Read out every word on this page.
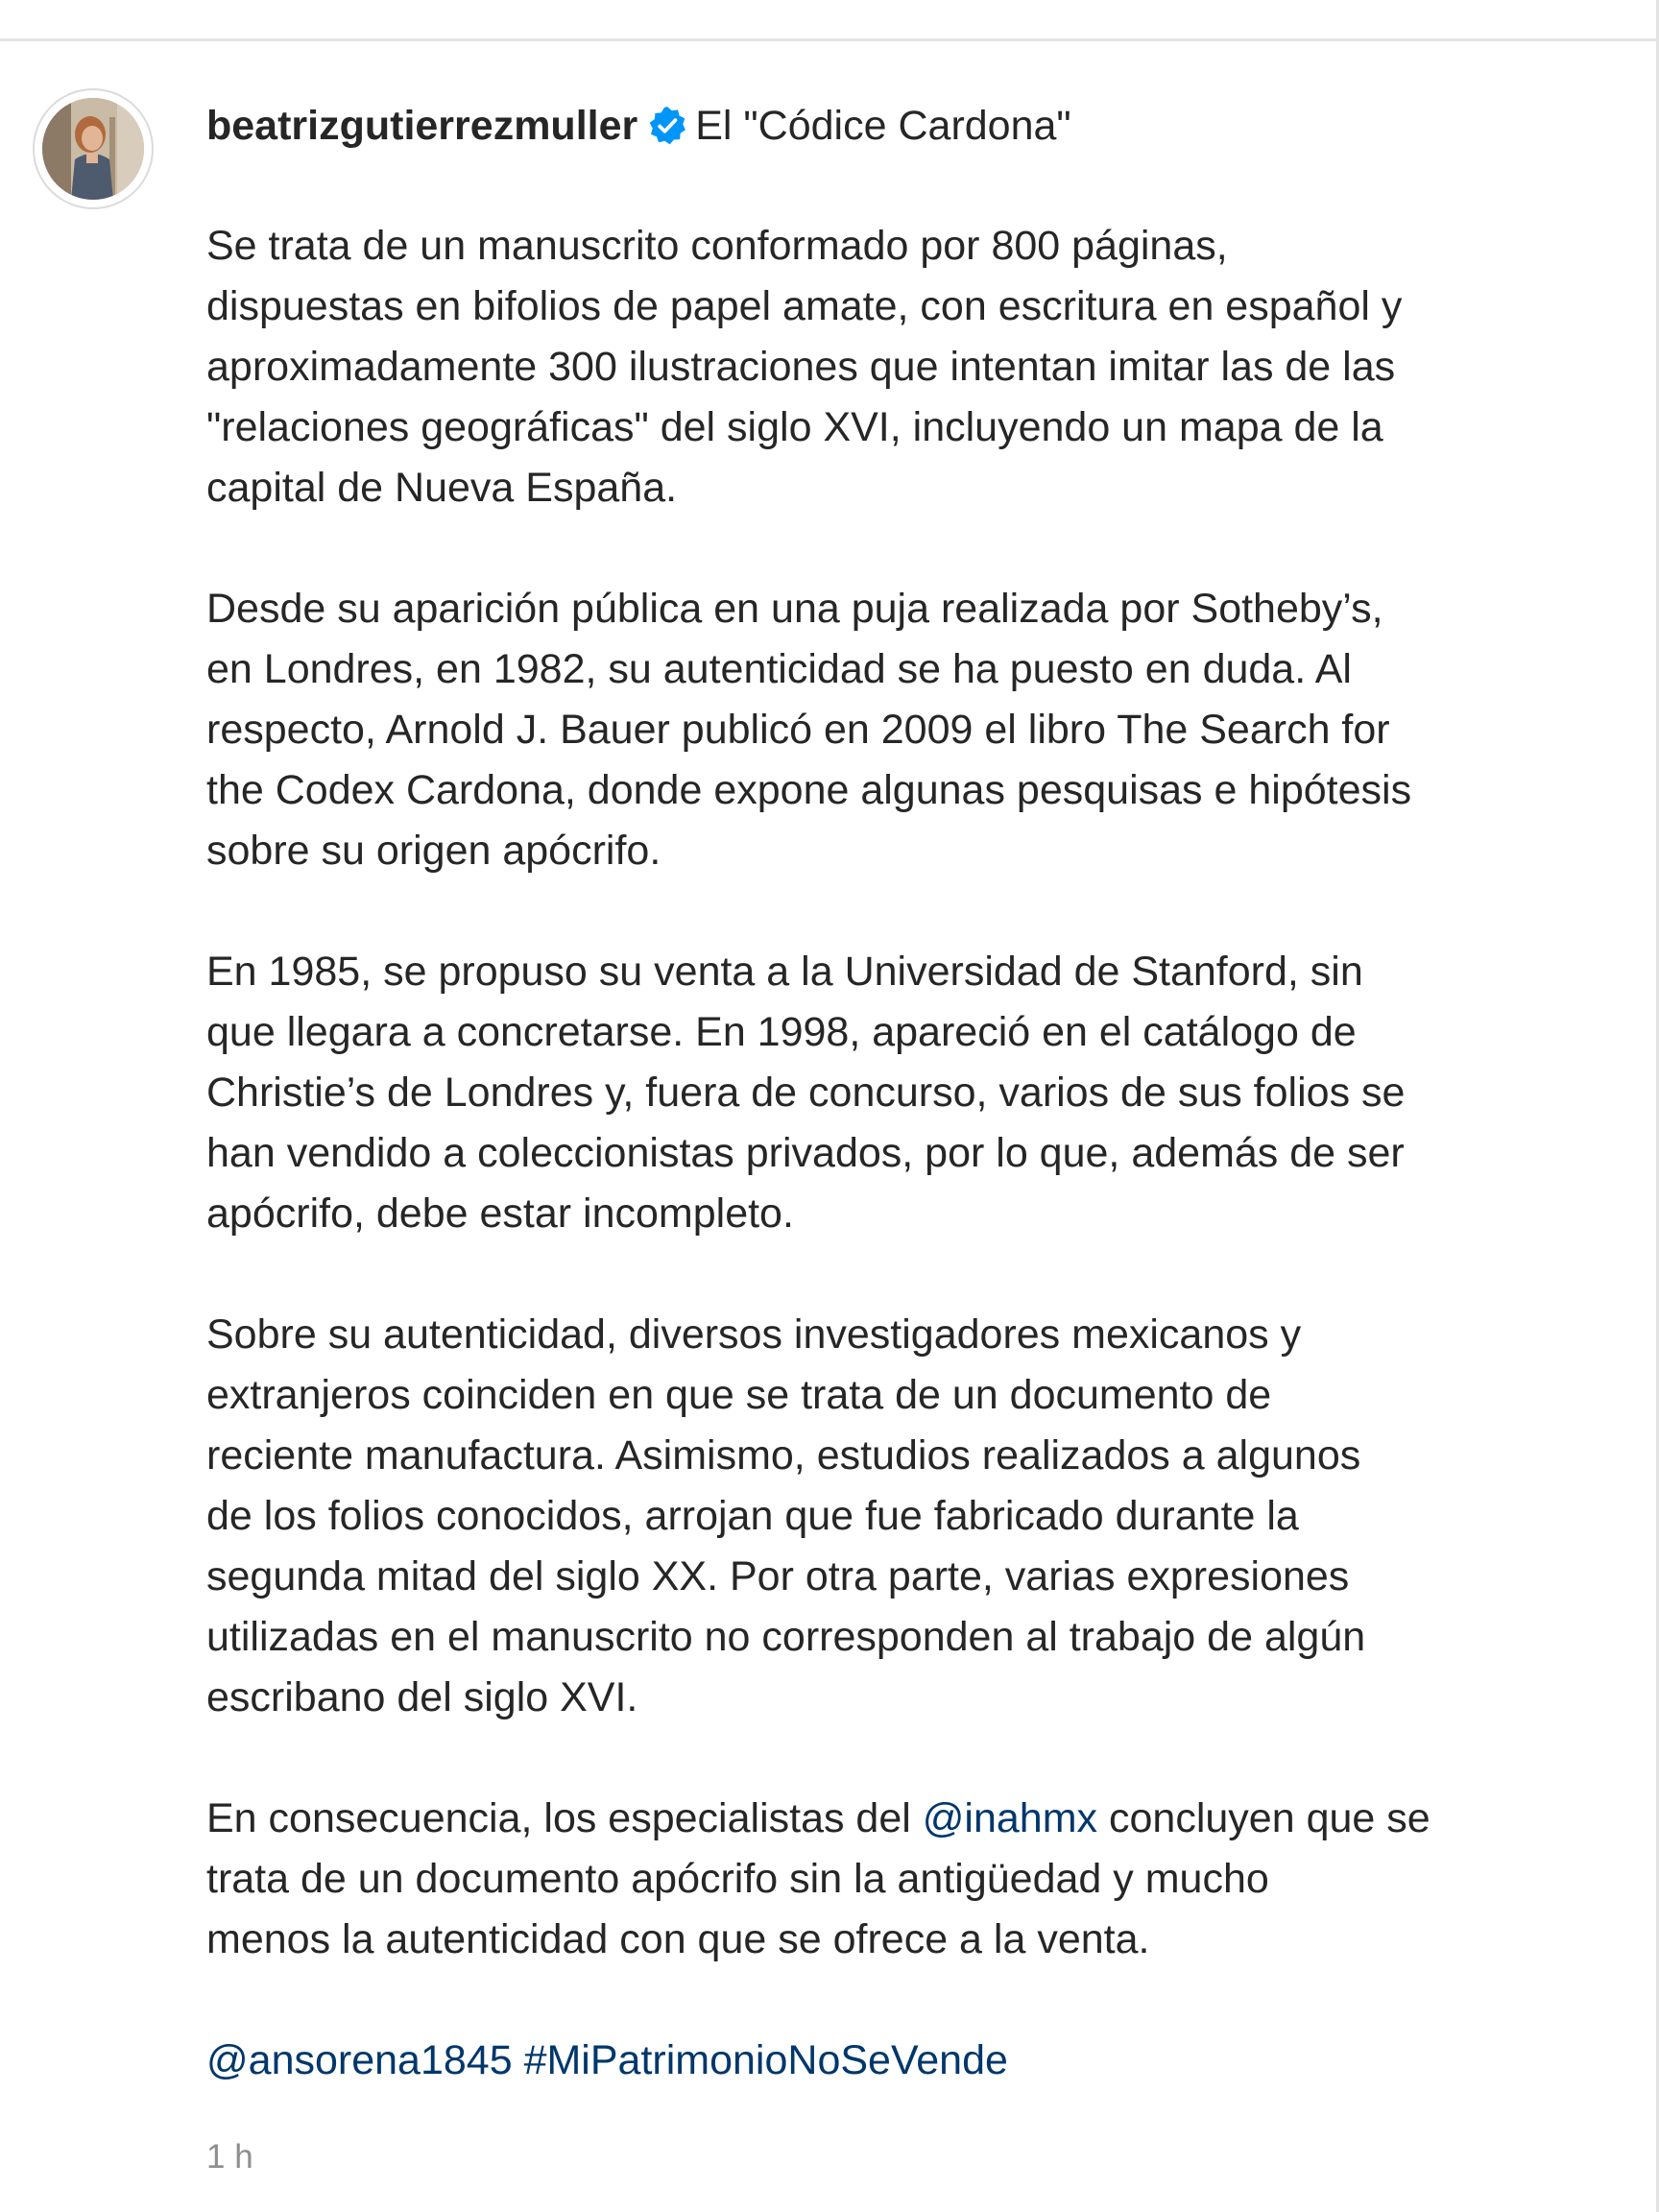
beatrizgutierrezmuller El "Códice Cardona"
Se trata de un manuscrito conformado por 800 páginas,
dispuestas en bifolios de papel amate, con escritura en español y
aproximadamente 300 ilustraciones que intentan imitar las de las
"relaciones geográficas" del siglo XVI, incluyendo un mapa de la
capital de Nueva España.
Desde su aparición pública en una puja realizada por Sotheby’s,
en Londres, en 1982, su autenticidad se ha puesto en duda. Al
respecto, Arnold J. Bauer publicó en 2009 el libro The Search for
the Codex Cardona, donde expone algunas pesquisas e hipótesis
sobre su origen apócrifo.
En 1985, se propuso su venta a la Universidad de Stanford, sin
que llegara a concretarse. En 1998, apareció en el catálogo de
Christie’s de Londres y, fuera de concurso, varios de sus folios se
han vendido a coleccionistas privados, por lo que, además de ser
apócrifo, debe estar incompleto.
Sobre su autenticidad, diversos investigadores mexicanos y
extranjeros coinciden en que se trata de un documento de
reciente manufactura. Asimismo, estudios realizados a algunos
de los folios conocidos, arrojan que fue fabricado durante la
segunda mitad del siglo XX. Por otra parte, varias expresiones
utilizadas en el manuscrito no corresponden al trabajo de algún
escribano del siglo XVI.
En consecuencia, los especialistas del @inahmx concluyen que se
trata de un documento apócrifo sin la antigüedad y mucho
menos la autenticidad con que se ofrece a la venta.
@ansorena1845 #MiPatrimonioNoSeVende
1 h
